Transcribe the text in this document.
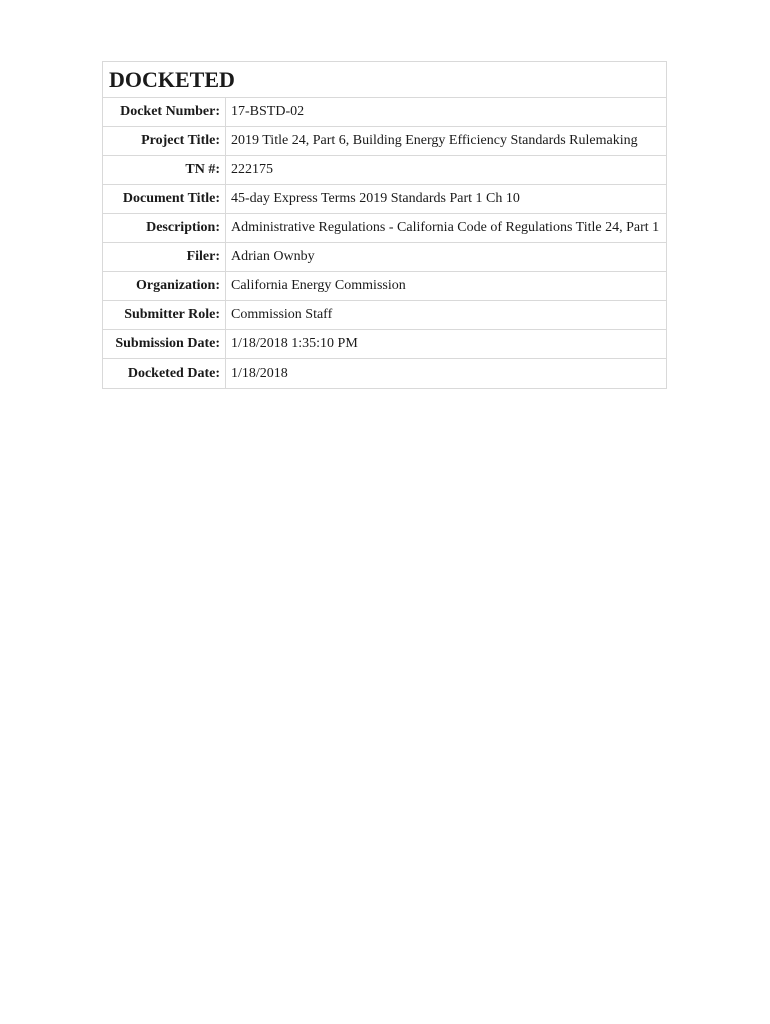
DOCKETED
Docket Number: 17-BSTD-02
Project Title: 2019 Title 24, Part 6, Building Energy Efficiency Standards Rulemaking
TN #: 222175
Document Title: 45-day Express Terms 2019 Standards Part 1 Ch 10
Description: Administrative Regulations - California Code of Regulations Title 24, Part 1
Filer: Adrian Ownby
Organization: California Energy Commission
Submitter Role: Commission Staff
Submission Date: 1/18/2018 1:35:10 PM
Docketed Date: 1/18/2018
